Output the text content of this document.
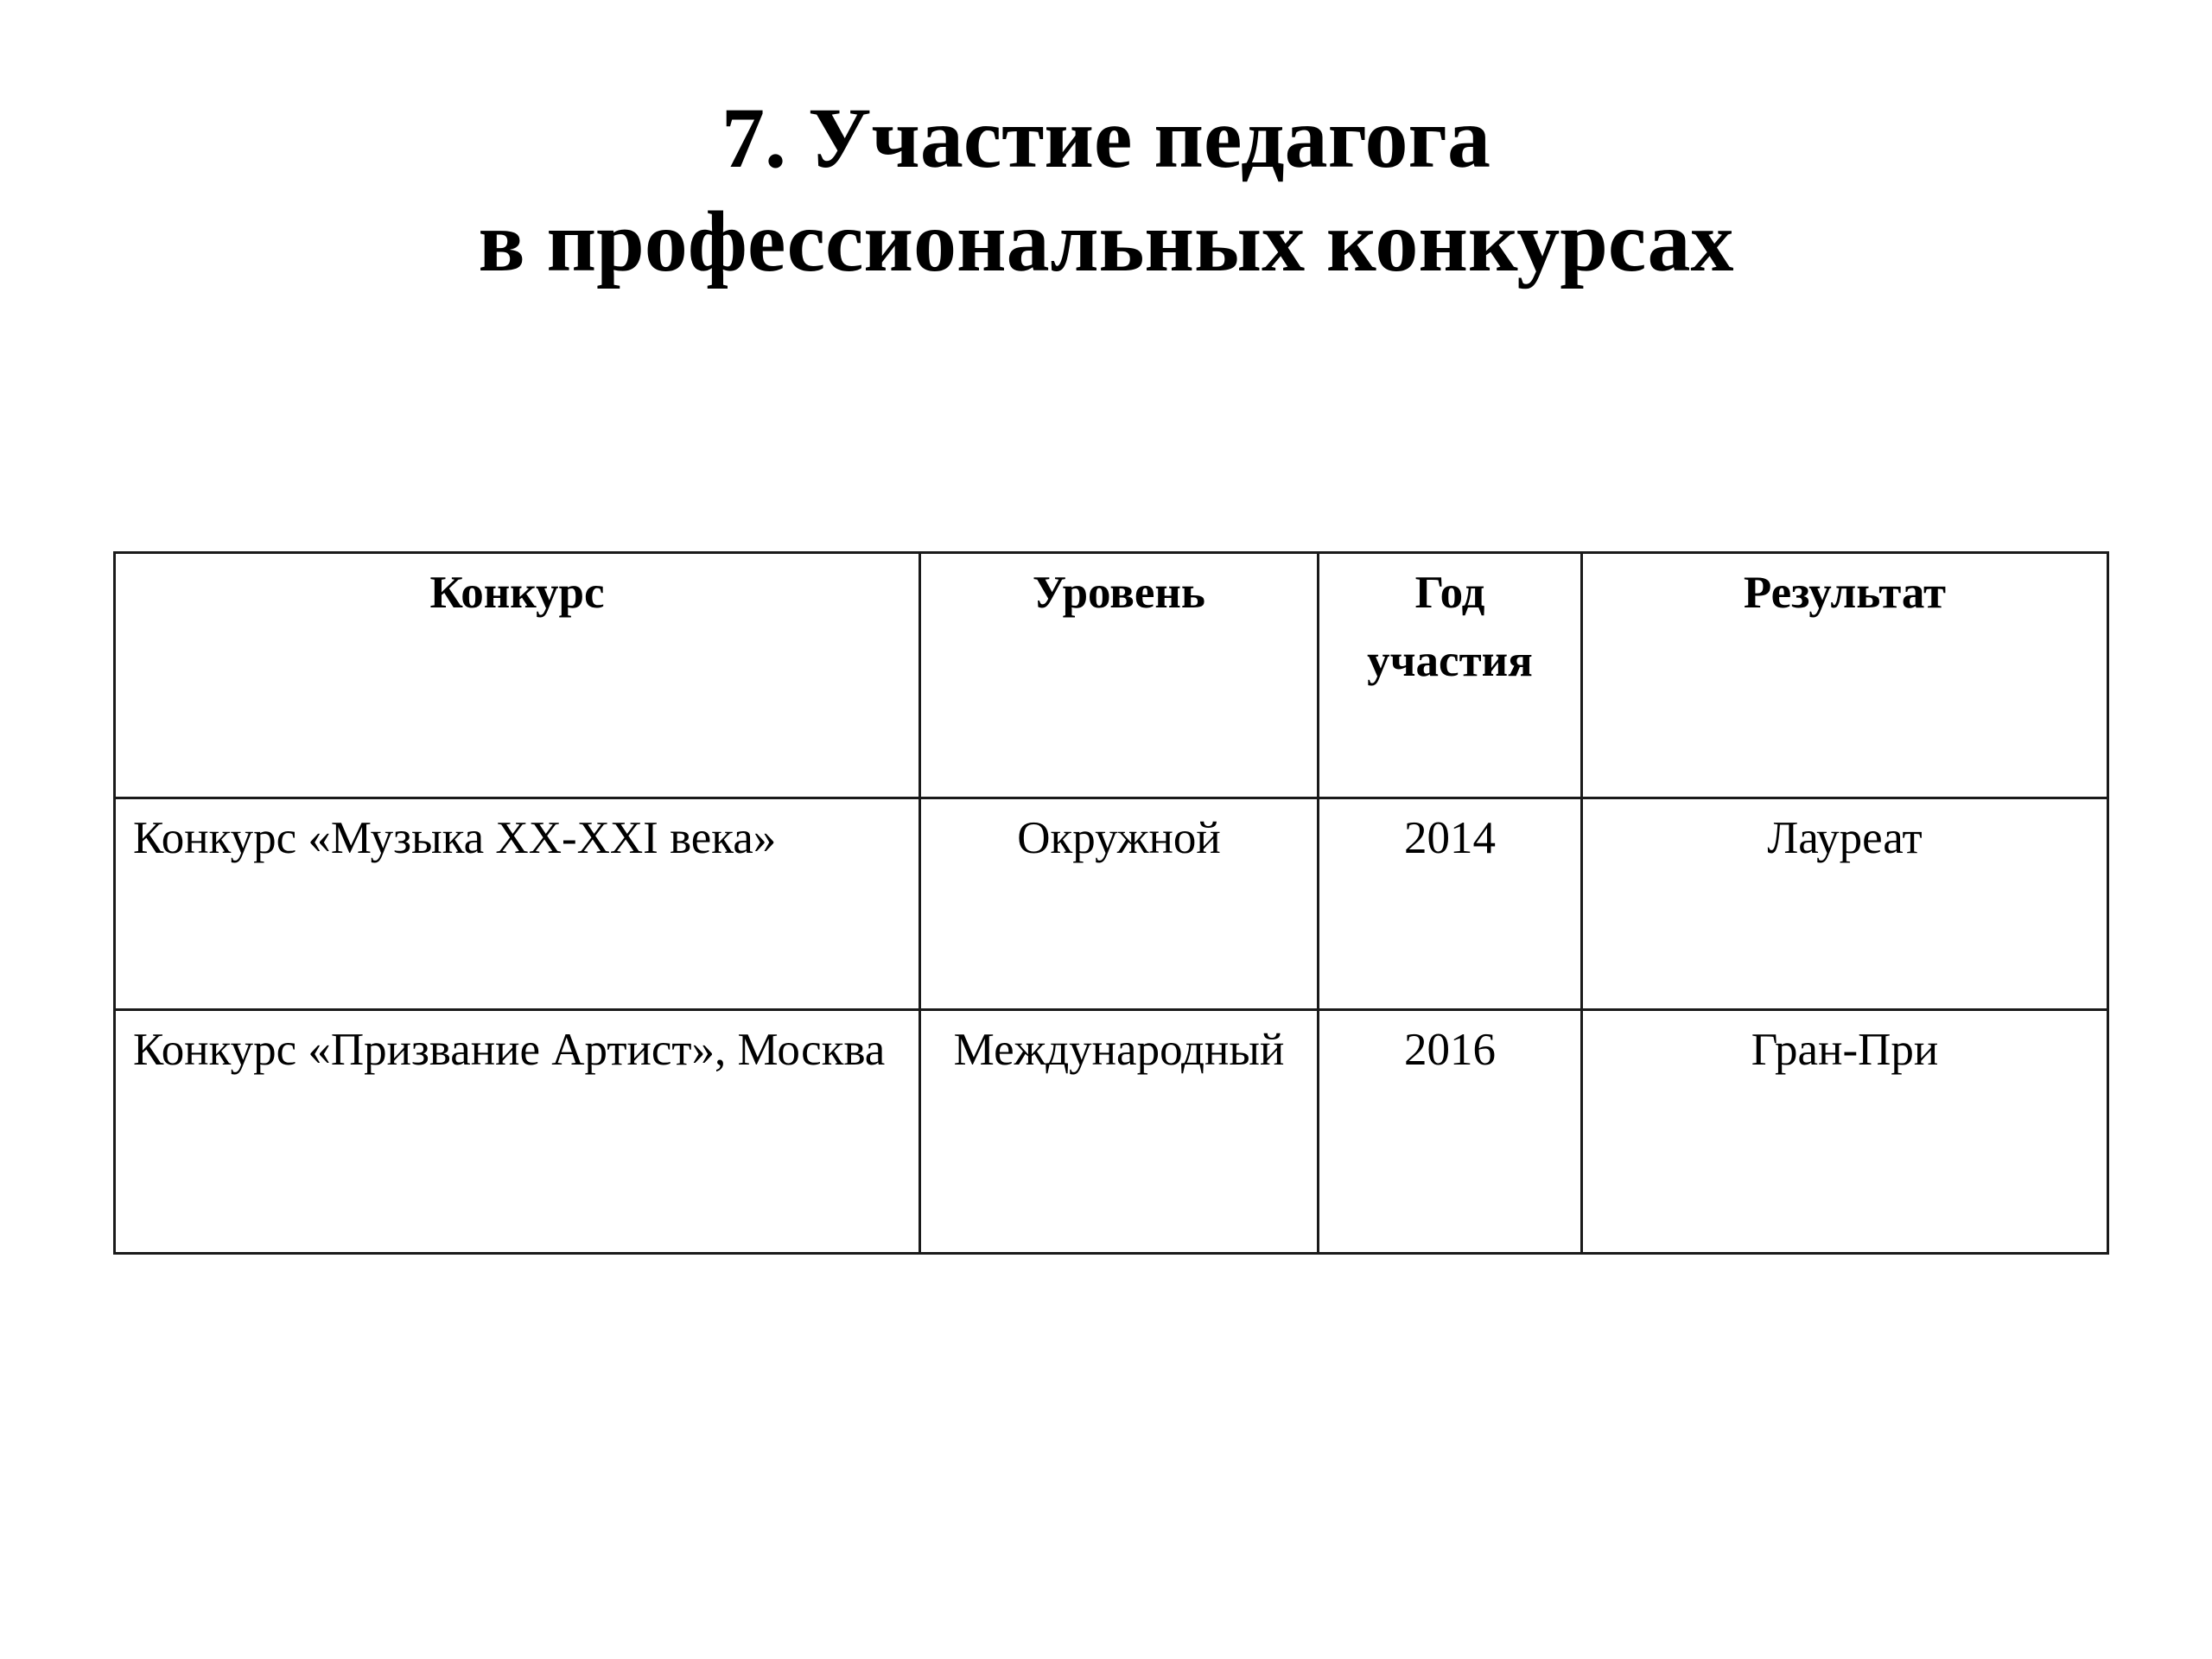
7. Участие педагога
в профессиональных конкурсах
Конкурс	Уровень	Год участия	Результат
Конкурс «Музыка XX-XXI века»	Окружной	2014	Лауреат
Конкурс «Призвание Артист», Москва	Международный	2016	Гран-При
